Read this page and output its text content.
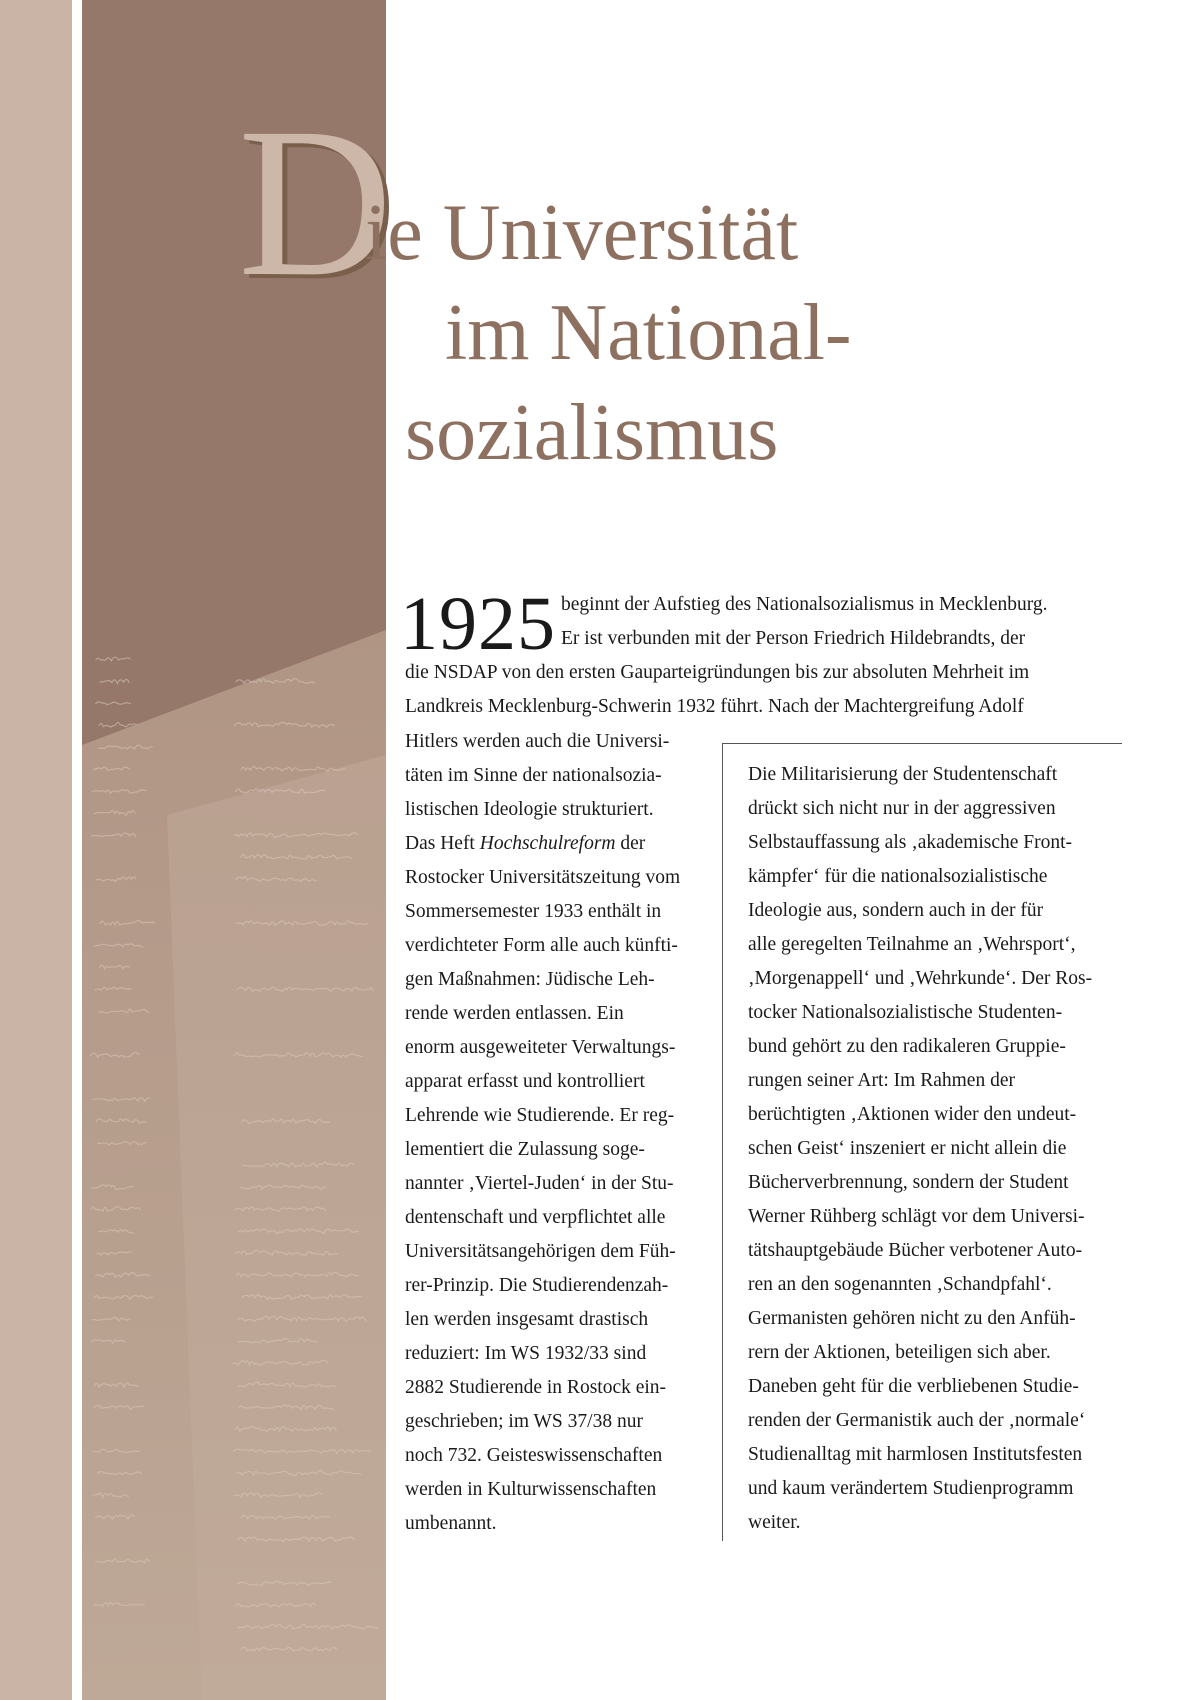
D
ie Universität
im National-
sozialismus
1925 beginnt der Aufstieg des Nationalsozialismus in Mecklenburg.
Er ist verbunden mit der Person Friedrich Hildebrandts, der
die NSDAP von den ersten Gauparteigründungen bis zur absoluten Mehrheit im
Landkreis Mecklenburg-Schwerin 1932 führt. Nach der Machtergreifung Adolf

Hitlers werden auch die Universi-
täten im Sinne der nationalsozia-
listischen Ideologie strukturiert.
Das Heft Hochschulreform der
Rostocker Universitätszeitung vom
Sommersemester 1933 enthält in
verdichteter Form alle auch künfti-
gen Maßnahmen: Jüdische Leh-
rende werden entlassen. Ein
enorm ausgeweiteter Verwaltungs-
apparat erfasst und kontrolliert
Lehrende wie Studierende. Er reg-
lementiert die Zulassung soge-
nannter ‚Viertel-Juden‘ in der Stu-
dentenschaft und verpflichtet alle
Universitätsangehörigen dem Füh-
rer-Prinzip. Die Studierendenzah-
len werden insgesamt drastisch
reduziert: Im WS 1932/33 sind
2882 Studierende in Rostock ein-
geschrieben; im WS 37/38 nur
noch 732. Geisteswissenschaften
werden in Kulturwissenschaften
umbenannt.

Die Militarisierung der Studentenschaft
drückt sich nicht nur in der aggressiven
Selbstauffassung als ‚akademische Front-
kämpfer‘ für die nationalsozialistische
Ideologie aus, sondern auch in der für
alle geregelten Teilnahme an ‚Wehrsport‘,
‚Morgenappell‘ und ‚Wehrkunde‘. Der Ros-
tocker Nationalsozialistische Studenten-
bund gehört zu den radikaleren Gruppie-
rungen seiner Art: Im Rahmen der
berüchtigten ‚Aktionen wider den undeut-
schen Geist‘ inszeniert er nicht allein die
Bücherverbrennung, sondern der Student
Werner Rühberg schlägt vor dem Universi-
tätshauptgebäude Bücher verbotener Auto-
ren an den sogenannten ‚Schandpfahl‘.
Germanisten gehören nicht zu den Anfüh-
rern der Aktionen, beteiligen sich aber.
Daneben geht für die verbliebenen Studie-
renden der Germanistik auch der ‚normale‘
Studienalltag mit harmlosen Institutsfesten
und kaum verändertem Studienprogramm
weiter.
